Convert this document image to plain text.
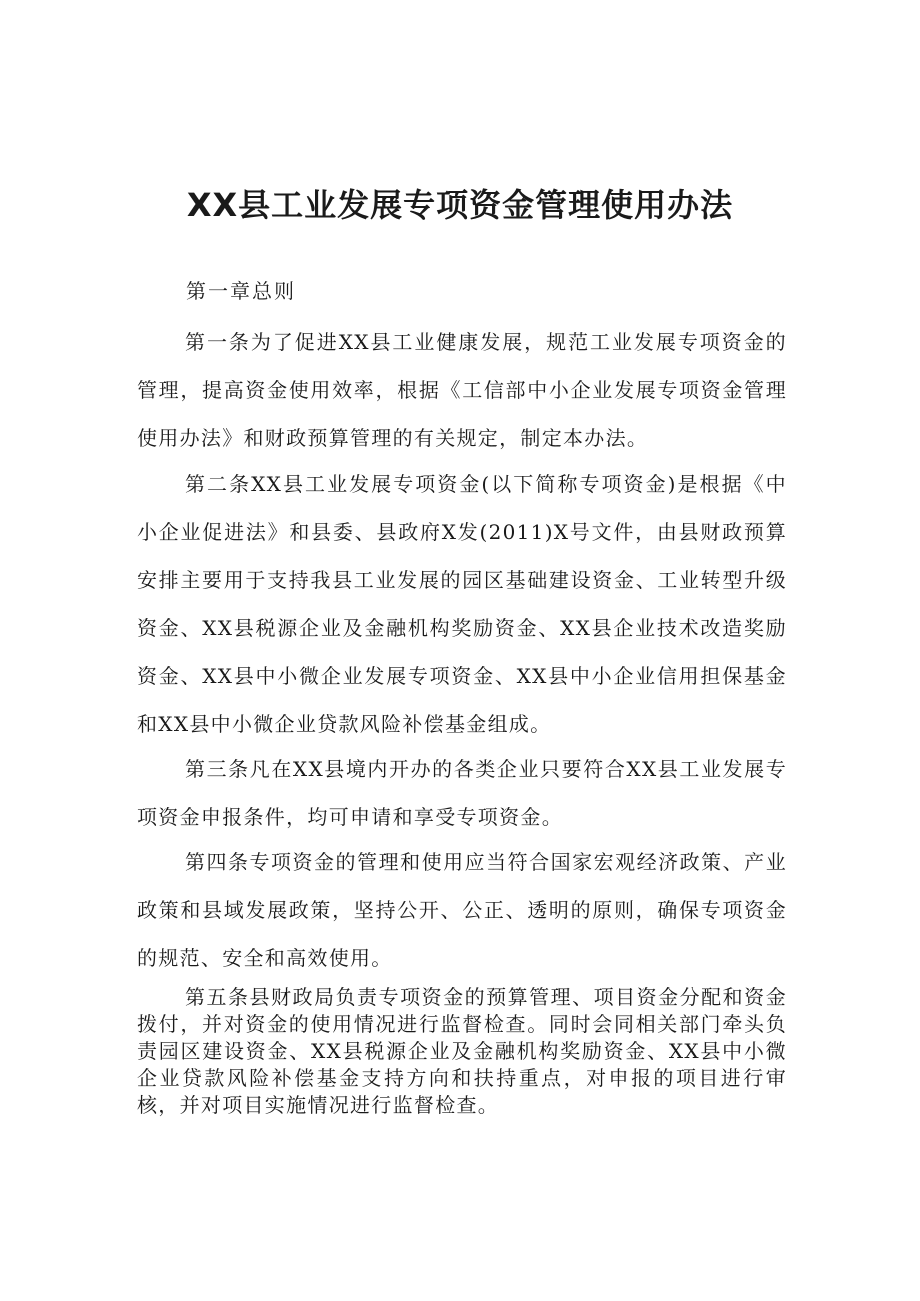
XX县工业发展专项资金管理使用办法

第一章总则

第一条为了促进XX县工业健康发展，规范工业发展专项资金的管理，提高资金使用效率，根据《工信部中小企业发展专项资金管理使用办法》和财政预算管理的有关规定，制定本办法。

第二条XX县工业发展专项资金(以下简称专项资金)是根据《中小企业促进法》和县委、县政府X发(2011)X号文件，由县财政预算安排主要用于支持我县工业发展的园区基础建设资金、工业转型升级资金、XX县税源企业及金融机构奖励资金、XX县企业技术改造奖励资金、XX县中小微企业发展专项资金、XX县中小企业信用担保基金和XX县中小微企业贷款风险补偿基金组成。

第三条凡在XX县境内开办的各类企业只要符合XX县工业发展专项资金申报条件，均可申请和享受专项资金。

第四条专项资金的管理和使用应当符合国家宏观经济政策、产业政策和县域发展政策，坚持公开、公正、透明的原则，确保专项资金的规范、安全和高效使用。

第五条县财政局负责专项资金的预算管理、项目资金分配和资金拨付，并对资金的使用情况进行监督检查。同时会同相关部门牵头负责园区建设资金、XX县税源企业及金融机构奖励资金、XX县中小微企业贷款风险补偿基金支持方向和扶持重点，对申报的项目进行审核，并对项目实施情况进行监督检查。
